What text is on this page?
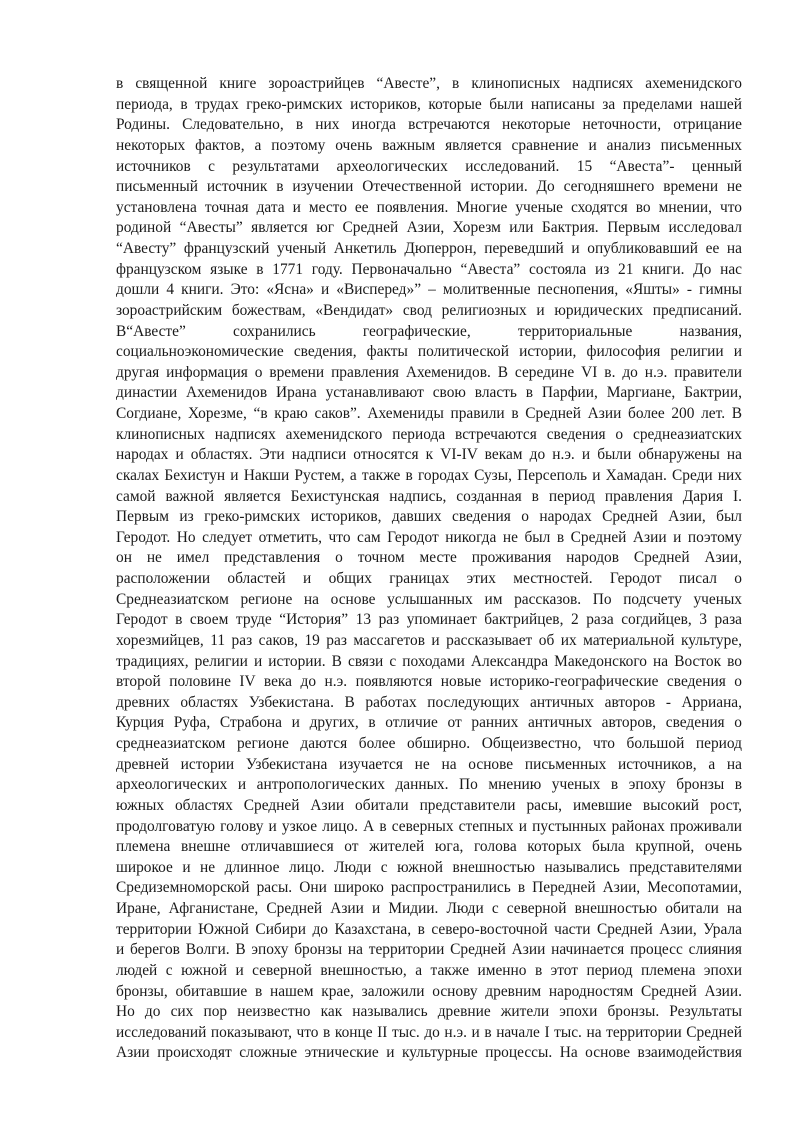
в священной книге зороастрийцев “Авесте”, в клинописных надписях ахеменидского
периода, в трудах греко-римских историков, которые были написаны за пределами нашей
Родины. Следовательно, в них иногда встречаются некоторые неточности, отрицание
некоторых фактов, а поэтому очень важным является сравнение и анализ письменных
источников с результатами археологических исследований. 15 “Авеста”- ценный
письменный источник в изучении Отечественной истории. До сегодняшнего времени не
установлена точная дата и место ее появления. Многие ученые сходятся во мнении, что
родиной “Авесты” является юг Средней Азии, Хорезм или Бактрия. Первым исследовал
“Авесту” французский ученый Анкетиль Дюперрон, переведший и опубликовавший ее на
французском языке в 1771 году. Первоначально “Авеста” состояла из 21 книги. До нас
дошли 4 книги. Это: «Ясна» и «Висперед»” – молитвенные песнопения, «Яшты» - гимны
зороастрийским божествам, «Вендидат» свод религиозных и юридических предписаний.
В“Авесте” сохранились географические, территориальные названия,
социальноэкономические сведения, факты политической истории, философия религии и
другая информация о времени правления Ахеменидов. В середине VI в. до н.э. правители
династии Ахеменидов Ирана устанавливают свою власть в Парфии, Маргиане, Бактрии,
Согдиане, Хорезме, “в краю саков”. Ахемениды правили в Средней Азии более 200 лет. В
клинописных надписях ахеменидского периода встречаются сведения о среднеазиатских
народах и областях. Эти надписи относятся к VI-IV векам до н.э. и были обнаружены на
скалах Бехистун и Накши Рустем, а также в городах Сузы, Персеполь и Хамадан. Среди них
самой важной является Бехистунская надпись, созданная в период правления Дария I.
Первым из греко-римских историков, давших сведения о народах Средней Азии, был
Геродот. Но следует отметить, что сам Геродот никогда не был в Средней Азии и поэтому
он не имел представления о точном месте проживания народов Средней Азии,
расположении областей и общих границах этих местностей. Геродот писал о
Среднеазиатском регионе на основе услышанных им рассказов. По подсчету ученых
Геродот в своем труде “История” 13 раз упоминает бактрийцев, 2 раза согдийцев, 3 раза
хорезмийцев, 11 раз саков, 19 раз массагетов и рассказывает об их материальной культуре,
традициях, религии и истории. В связи с походами Александра Македонского на Восток во
второй половине IV века до н.э. появляются новые историко-географические сведения о
древних областях Узбекистана. В работах последующих античных авторов - Арриана,
Курция Руфа, Страбона и других, в отличие от ранних античных авторов, сведения о
среднеазиатском регионе даются более обширно. Общеизвестно, что большой период
древней истории Узбекистана изучается не на основе письменных источников, а на
археологических и антропологических данных. По мнению ученых в эпоху бронзы в
южных областях Средней Азии обитали представители расы, имевшие высокий рост,
продолговатую голову и узкое лицо. А в северных степных и пустынных районах проживали
племена внешне отличавшиеся от жителей юга, голова которых была крупной, очень
широкое и не длинное лицо. Люди с южной внешностью назывались представителями
Средиземноморской расы. Они широко распространились в Передней Азии, Месопотамии,
Иране, Афганистане, Средней Азии и Мидии. Люди с северной внешностью обитали на
территории Южной Сибири до Казахстана, в северо-восточной части Средней Азии, Урала
и берегов Волги. В эпоху бронзы на территории Средней Азии начинается процесс слияния
людей с южной и северной внешностью, а также именно в этот период племена эпохи
бронзы, обитавшие в нашем крае, заложили основу древним народностям Средней Азии.
Но до сих пор неизвестно как назывались древние жители эпохи бронзы. Результаты
исследований показывают, что в конце II тыс. до н.э. и в начале I тыс. на территории Средней
Азии происходят сложные этнические и культурные процессы. На основе взаимодействия
